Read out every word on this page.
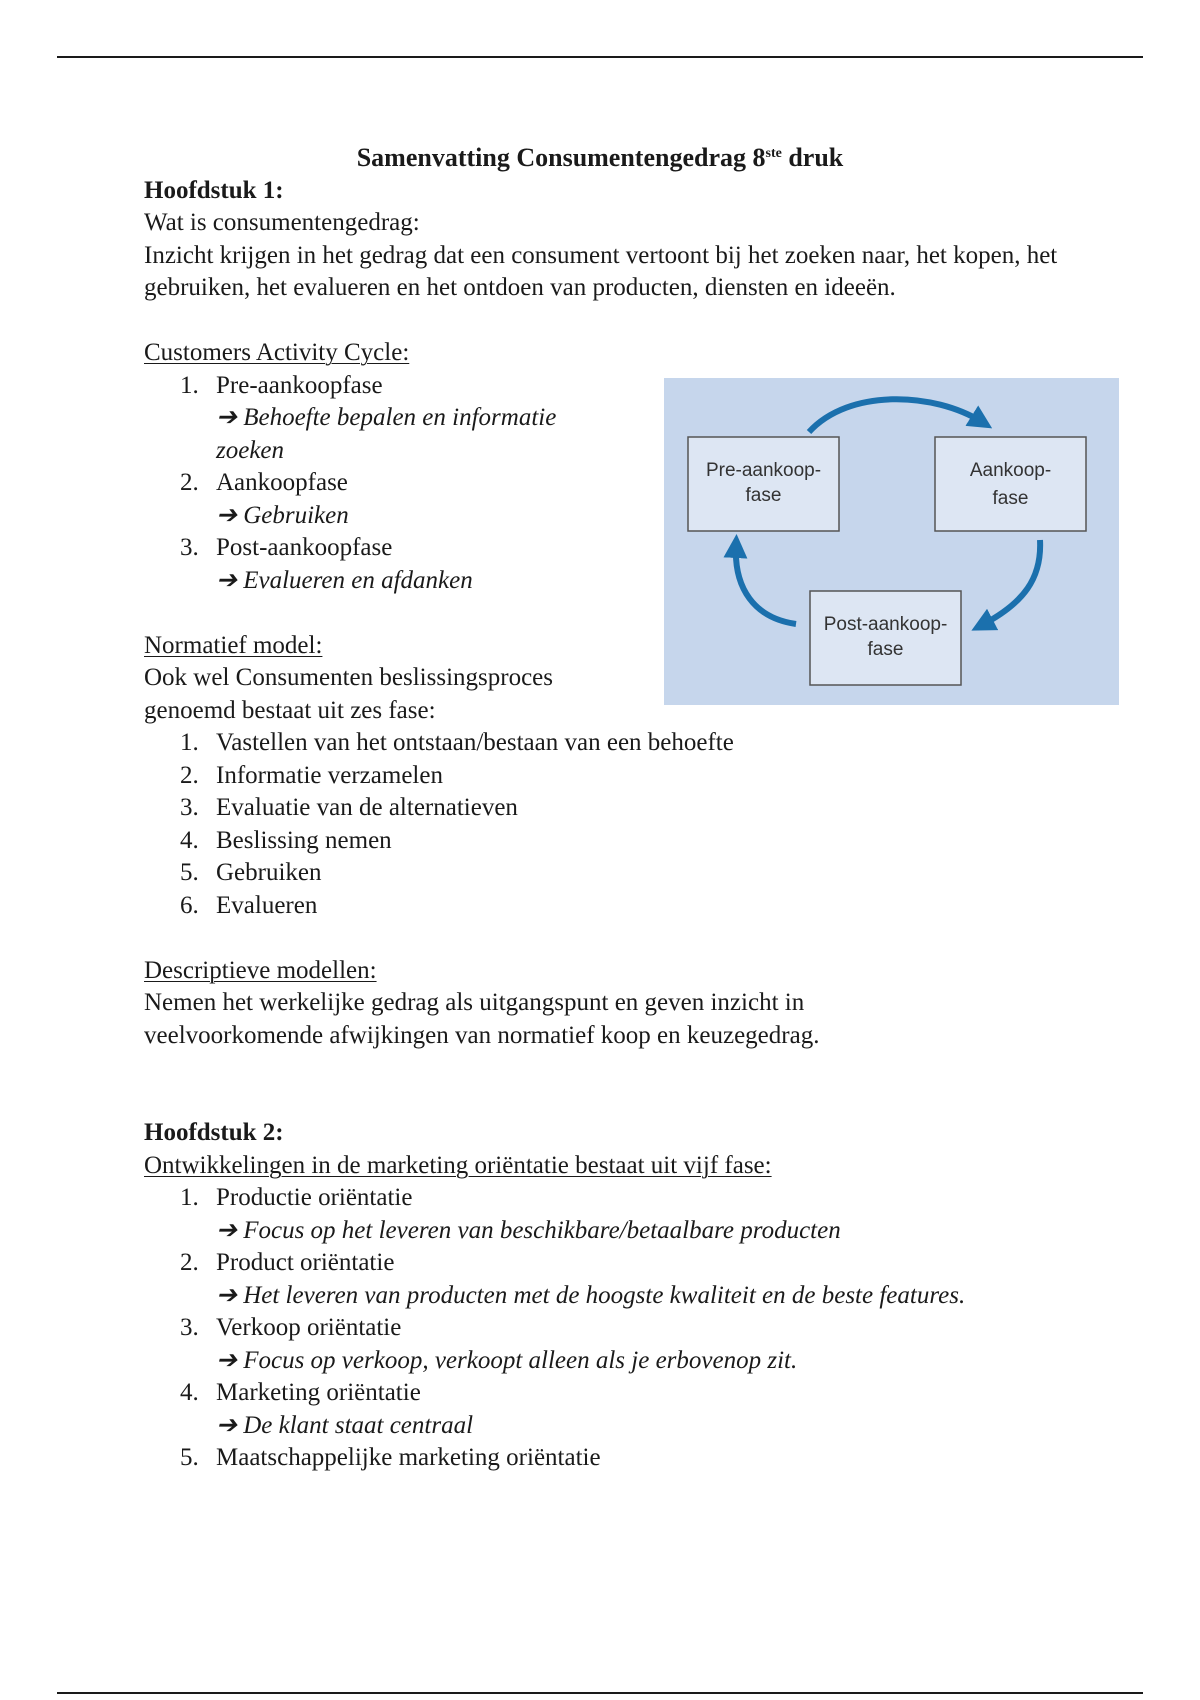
Samenvatting Consumentengedrag 8ste druk
Hoofdstuk 1:
Wat is consumentengedrag:
Inzicht krijgen in het gedrag dat een consument vertoont bij het zoeken naar, het kopen, het gebruiken, het evalueren en het ontdoen van producten, diensten en ideeën.
Customers Activity Cycle:
1. Pre-aankoopfase
➔ Behoefte bepalen en informatie zoeken
2. Aankoopfase
➔ Gebruiken
3. Post-aankoopfase
➔ Evalueren en afdanken
Normatief model:
Ook wel Consumenten beslissingsproces genoemd bestaat uit zes fase:
1. Vastellen van het ontstaan/bestaan van een behoefte
2. Informatie verzamelen
3. Evaluatie van de alternatieven
4. Beslissing nemen
5. Gebruiken
6. Evalueren
Descriptieve modellen:
Nemen het werkelijke gedrag als uitgangspunt en geven inzicht in veelvoorkomende afwijkingen van normatief koop en keuzegedrag.
Hoofdstuk 2:
Ontwikkelingen in de marketing oriëntatie bestaat uit vijf fase:
1. Productie oriëntatie
➔ Focus op het leveren van beschikbare/betaalbare producten
2. Product oriëntatie
➔ Het leveren van producten met de hoogste kwaliteit en de beste features.
3. Verkoop oriëntatie
➔ Focus op verkoop, verkoopt alleen als je erbovenop zit.
4. Marketing oriëntatie
➔ De klant staat centraal
5. Maatschappelijke marketing oriëntatie
Pre-aankoop-
fase
Aankoop-
fase
Post-aankoop-
fase
